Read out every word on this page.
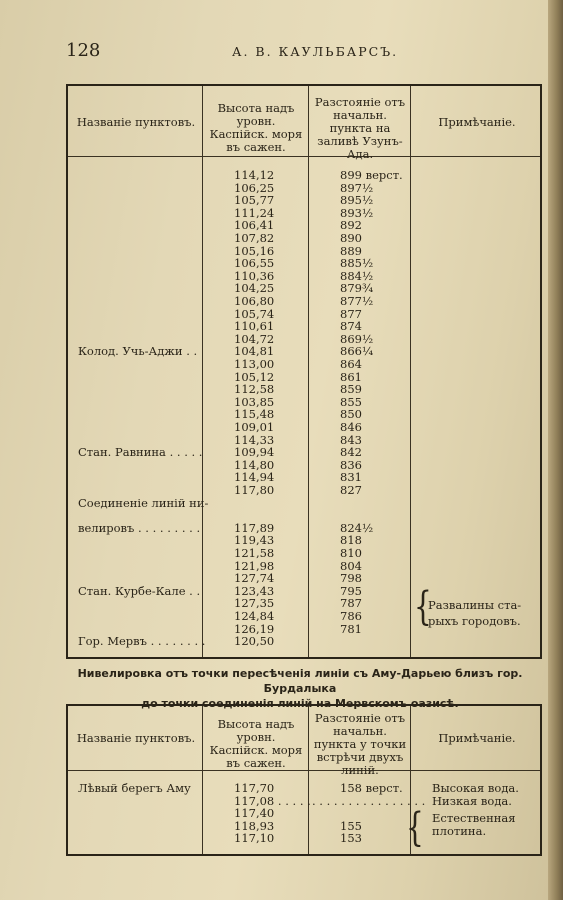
128	А. В. КАУЛЬБАРСЪ.
Названіе пунктовъ.
Высота надъ уровн. Каспійск. моря въ сажен.
Разстояніе отъ начальн. пункта на заливѣ Узунъ-Ада.
Примѣчаніе.
114,12
106,25
105,77
111,24
106,41
107,82
105,16
106,55
110,36
104,25
106,80
105,74
110,61
104,72
104,81
113,00
105,12
112,58
103,85
115,48
109,01
114,33
109,94
114,80
114,94
117,80
117,89
119,43
121,58
121,98
127,74
123,43
127,35
124,84
126,19
120,50
899 верст.
897½
895½
893½
892
890
889
885½
884½
879¾
877½
877
874
869½
866¼
864
861
859
855
850
846
843
842
836
831
827
824½
818
810
804
798
795
787
786
781
Колод. Учь-Аджи . .
Стан. Равнина . . . . .
Соединеніе линій ни-
велировъ . . . . . . . . .
Стан. Курбе-Кале . .
Гор. Мервъ . . . . . . . .
{
Развалины ста-
рыхъ городовъ.
Нивелировка отъ точки пересѣченія линіи съ Аму-Дарьею близъ гор. Бурдалыка
до точки соединенія линій на Мервскомъ оазисѣ.
Названіе пунктовъ.
Высота надъ уровн. Каспійск. моря въ сажен.
Разстояніе отъ начальн. пункта у точки встрѣчи двухъ линій.
Примѣчаніе.
Лѣвый берегъ Аму	117,70
117,08 . . . . .
117,40
118,93
117,10
158 верст.
. . . . . . . . . . . . . . . .
155
153
Высокая вода.
Низкая вода.
Естественная
плотина.
{
